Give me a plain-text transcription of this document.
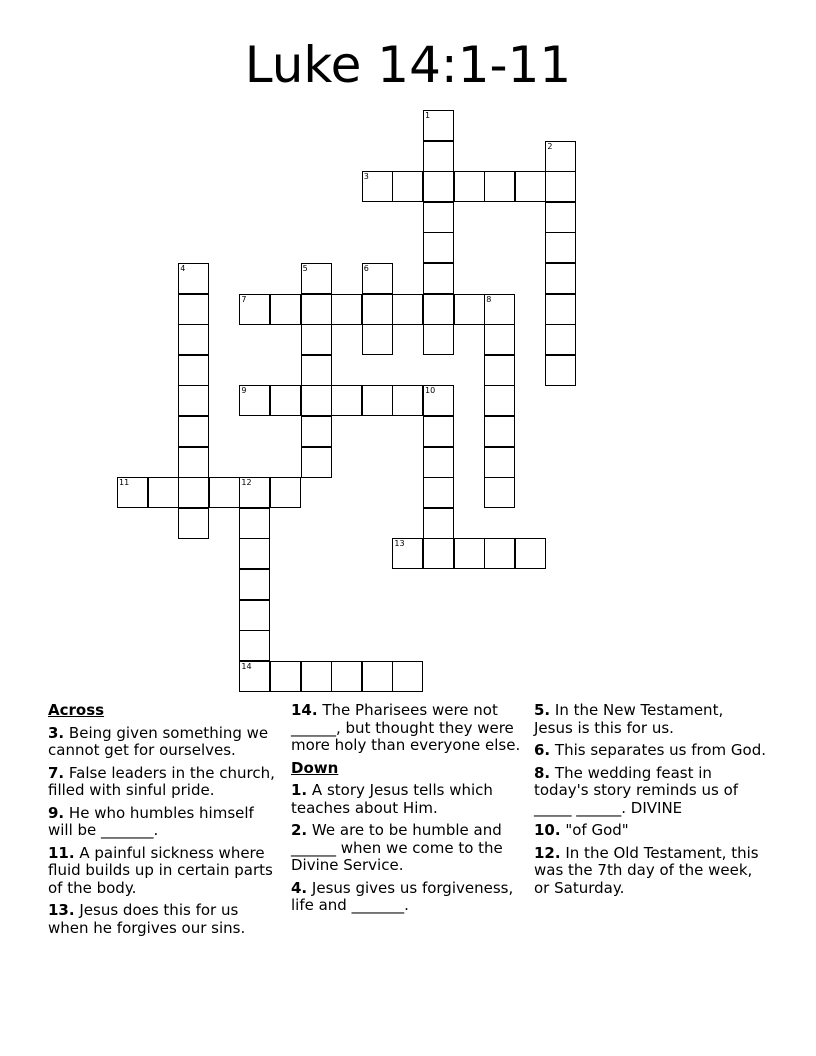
Luke 14:1-11
1
2
3
4	5	6
7	8
9	10
11	12
13
14
Across
3. Being given something we cannot get for ourselves.
7. False leaders in the church, filled with sinful pride.
9. He who humbles himself will be _______.
11. A painful sickness where fluid builds up in certain parts of the body.
13. Jesus does this for us when he forgives our sins.
14. The Pharisees were not ______, but thought they were more holy than everyone else.
Down
1. A story Jesus tells which teaches about Him.
2. We are to be humble and ______ when we come to the Divine Service.
4. Jesus gives us forgiveness, life and _______.
5. In the New Testament, Jesus is this for us.
6. This separates us from God.
8. The wedding feast in today's story reminds us of _____ ______. DIVINE
10. "of God"
12. In the Old Testament, this was the 7th day of the week, or Saturday.
